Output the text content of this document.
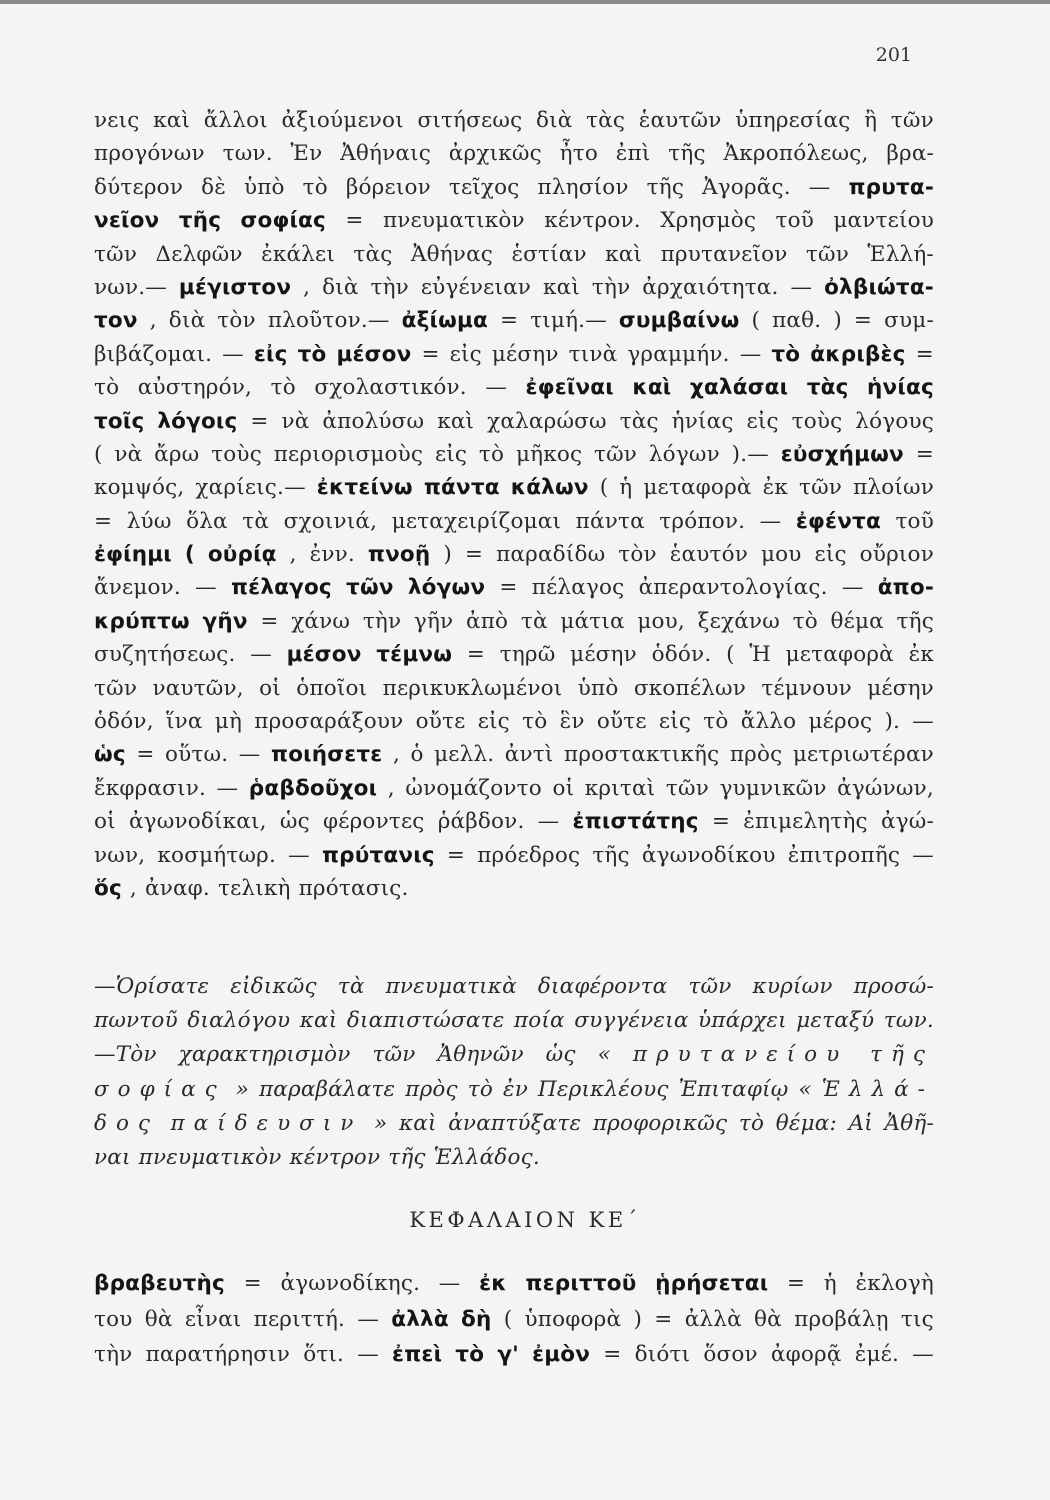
201
νεις καὶ ἄλλοι ἀξιούμενοι σιτήσεως διὰ τὰς ἑαυτῶν ὑπηρεσίας ἢ τῶν
προγόνων των. Ἐν Ἀθήναις ἀρχικῶς ἦτο ἐπὶ τῆς Ἀκροπόλεως, βρα-
δύτερον δὲ ὑπὸ τὸ βόρειον τεῖχος πλησίον τῆς Ἀγορᾶς. — πρυτα-
νεῖον τῆς σοφίας = πνευματικὸν κέντρον. Χρησμὸς τοῦ μαντείου
τῶν Δελφῶν ἐκάλει τὰς Ἀθήνας ἑστίαν καὶ πρυτανεῖον τῶν Ἑλλή-
νων.— μέγιστον , διὰ τὴν εὐγένειαν καὶ τὴν ἀρχαιότητα. — ὀλβιώτα-
τον , διὰ τὸν πλοῦτον.— ἀξίωμα = τιμή.— συμβαίνω ( παθ. ) = συμ-
βιβάζομαι. — εἰς τὸ μέσον = εἰς μέσην τινὰ γραμμήν. — τὸ ἀκριβὲς =
τὸ αὐστηρόν, τὸ σχολαστικόν. — ἐφεῖναι καὶ χαλάσαι τὰς ἡνίας
τοῖς λόγοις = νὰ ἀπολύσω καὶ χαλαρώσω τὰς ἡνίας εἰς τοὺς λόγους
( νὰ ἄρω τοὺς περιορισμοὺς εἰς τὸ μῆκος τῶν λόγων ).— εὐσχήμων =
κομψός, χαρίεις.— ἐκτείνω πάντα κάλων ( ἡ μεταφορὰ ἐκ τῶν πλοίων
= λύω ὅλα τὰ σχοινιά, μεταχειρίζομαι πάντα τρόπον. — ἐφέντα τοῦ
ἐφίημι ( οὐρίᾳ , ἐνν. πνοῇ ) = παραδίδω τὸν ἑαυτόν μου εἰς οὔριον
ἄνεμον. — πέλαγος τῶν λόγων = πέλαγος ἀπεραντολογίας. — ἀπο-
κρύπτω γῆν = χάνω τὴν γῆν ἀπὸ τὰ μάτια μου, ξεχάνω τὸ θέμα τῆς
συζητήσεως. — μέσον τέμνω = τηρῶ μέσην ὁδόν. ( Ἡ μεταφορὰ ἐκ
τῶν ναυτῶν, οἱ ὁποῖοι περικυκλωμένοι ὑπὸ σκοπέλων τέμνουν μέσην
ὁδόν, ἵνα μὴ προσαράξουν οὔτε εἰς τὸ ἓν οὔτε εἰς τὸ ἄλλο μέρος ). —
ὡς = οὕτω. — ποιήσετε , ὁ μελλ. ἀντὶ προστακτικῆς πρὸς μετριωτέραν
ἔκφρασιν. — ῥαβδοῦχοι , ὠνομάζοντο οἱ κριταὶ τῶν γυμνικῶν ἀγώνων,
οἱ ἀγωνοδίκαι, ὡς φέροντες ῥάβδον. — ἐπιστάτης = ἐπιμελητὴς ἀγώ-
νων, κοσμήτωρ. — πρύτανις = πρόεδρος τῆς ἀγωνοδίκου ἐπιτροπῆς —
ὅς , ἀναφ. τελικὴ πρότασις.
—Ὁρίσατε εἰδικῶς τὰ πνευματικὰ διαφέροντα τῶν κυρίων προσώ-
πωντοῦ διαλόγου καὶ διαπιστώσατε ποία συγγένεια ὑπάρχει μεταξύ των.
—Τὸν χαρακτηρισμὸν τῶν Ἀθηνῶν ὡς « πρυτανείου τῆς
σοφίας » παραβάλατε πρὸς τὸ ἐν Περικλέους Ἐπιταφίῳ « Ἑλλά-
δος παίδευσιν » καὶ ἀναπτύξατε προφορικῶς τὸ θέμα: Αἱ Ἀθῆ-
ναι πνευματικὸν κέντρον τῆς Ἑλλάδος.
ΚΕΦΑΛΑΙΟΝ ΚΕ΄
βραβευτὴς = ἀγωνοδίκης. — ἐκ περιττοῦ ᾑρήσεται = ἡ ἐκλογὴ
του θὰ εἶναι περιττή. — ἀλλὰ δὴ ( ὑποφορὰ ) = ἀλλὰ θὰ προβάλῃ τις
τὴν παρατήρησιν ὅτι. — ἐπεὶ τὸ γ' ἐμὸν = διότι ὅσον ἀφορᾷ ἐμέ. —
